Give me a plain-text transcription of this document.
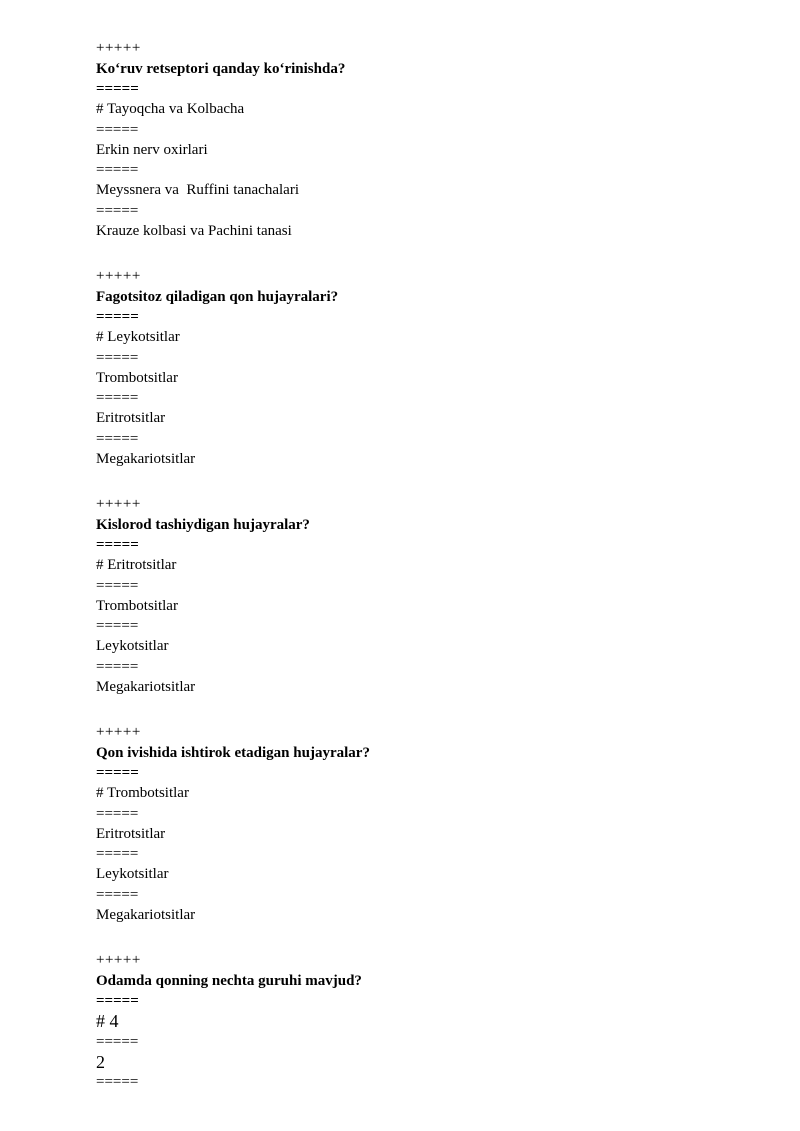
+++++
Ko‘ruv retseptori qanday ko‘rinishda?
=====
# Tayoqcha va Kolbacha
=====
Erkin nerv oxirlari
=====
Meyssnera va  Ruffini tanachalari
=====
Krauze kolbasi va Pachini tanasi
+++++
Fagotsitoz qiladigan qon hujayralari?
=====
# Leykotsitlar
=====
Trombotsitlar
=====
Eritrotsitlar
=====
Megakariotsitlar
+++++
Kislorod tashiydigan hujayralar?
=====
# Eritrotsitlar
=====
Trombotsitlar
=====
Leykotsitlar
=====
Megakariotsitlar
+++++
Qon ivishida ishtirok etadigan hujayralar?
=====
# Trombotsitlar
=====
Eritrotsitlar
=====
Leykotsitlar
=====
Megakariotsitlar
+++++
Odamda qonning nechta guruhi mavjud?
=====
# 4
=====
2
=====
